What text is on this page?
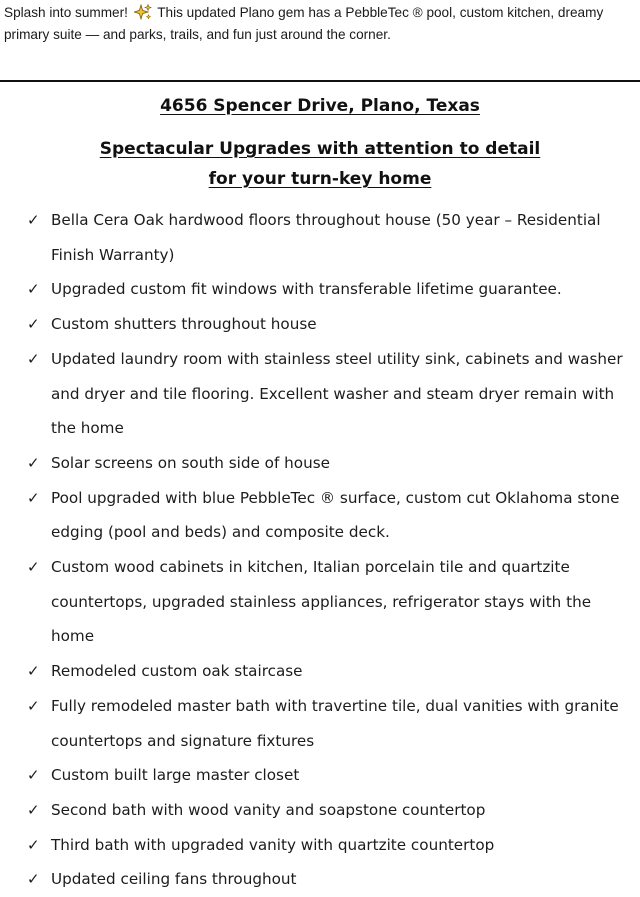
Splash into summer! This updated Plano gem has a PebbleTec ® pool, custom kitchen, dreamy primary suite — and parks, trails, and fun just around the corner.
4656 Spencer Drive, Plano, Texas
Spectacular Upgrades with attention to detail
for your turn-key home
✓ Bella Cera Oak hardwood floors throughout house (50 year – Residential Finish Warranty)
✓ Upgraded custom fit windows with transferable lifetime guarantee.
✓ Custom shutters throughout house
✓ Updated laundry room with stainless steel utility sink, cabinets and washer and dryer and tile flooring. Excellent washer and steam dryer remain with the home
✓ Solar screens on south side of house
✓ Pool upgraded with blue PebbleTec ® surface, custom cut Oklahoma stone edging (pool and beds) and composite deck.
✓ Custom wood cabinets in kitchen, Italian porcelain tile and quartzite countertops, upgraded stainless appliances, refrigerator stays with the home
✓ Remodeled custom oak staircase
✓ Fully remodeled master bath with travertine tile, dual vanities with granite countertops and signature fixtures
✓ Custom built large master closet
✓ Second bath with wood vanity and soapstone countertop
✓ Third bath with upgraded vanity with quartzite countertop
✓ Updated ceiling fans throughout
